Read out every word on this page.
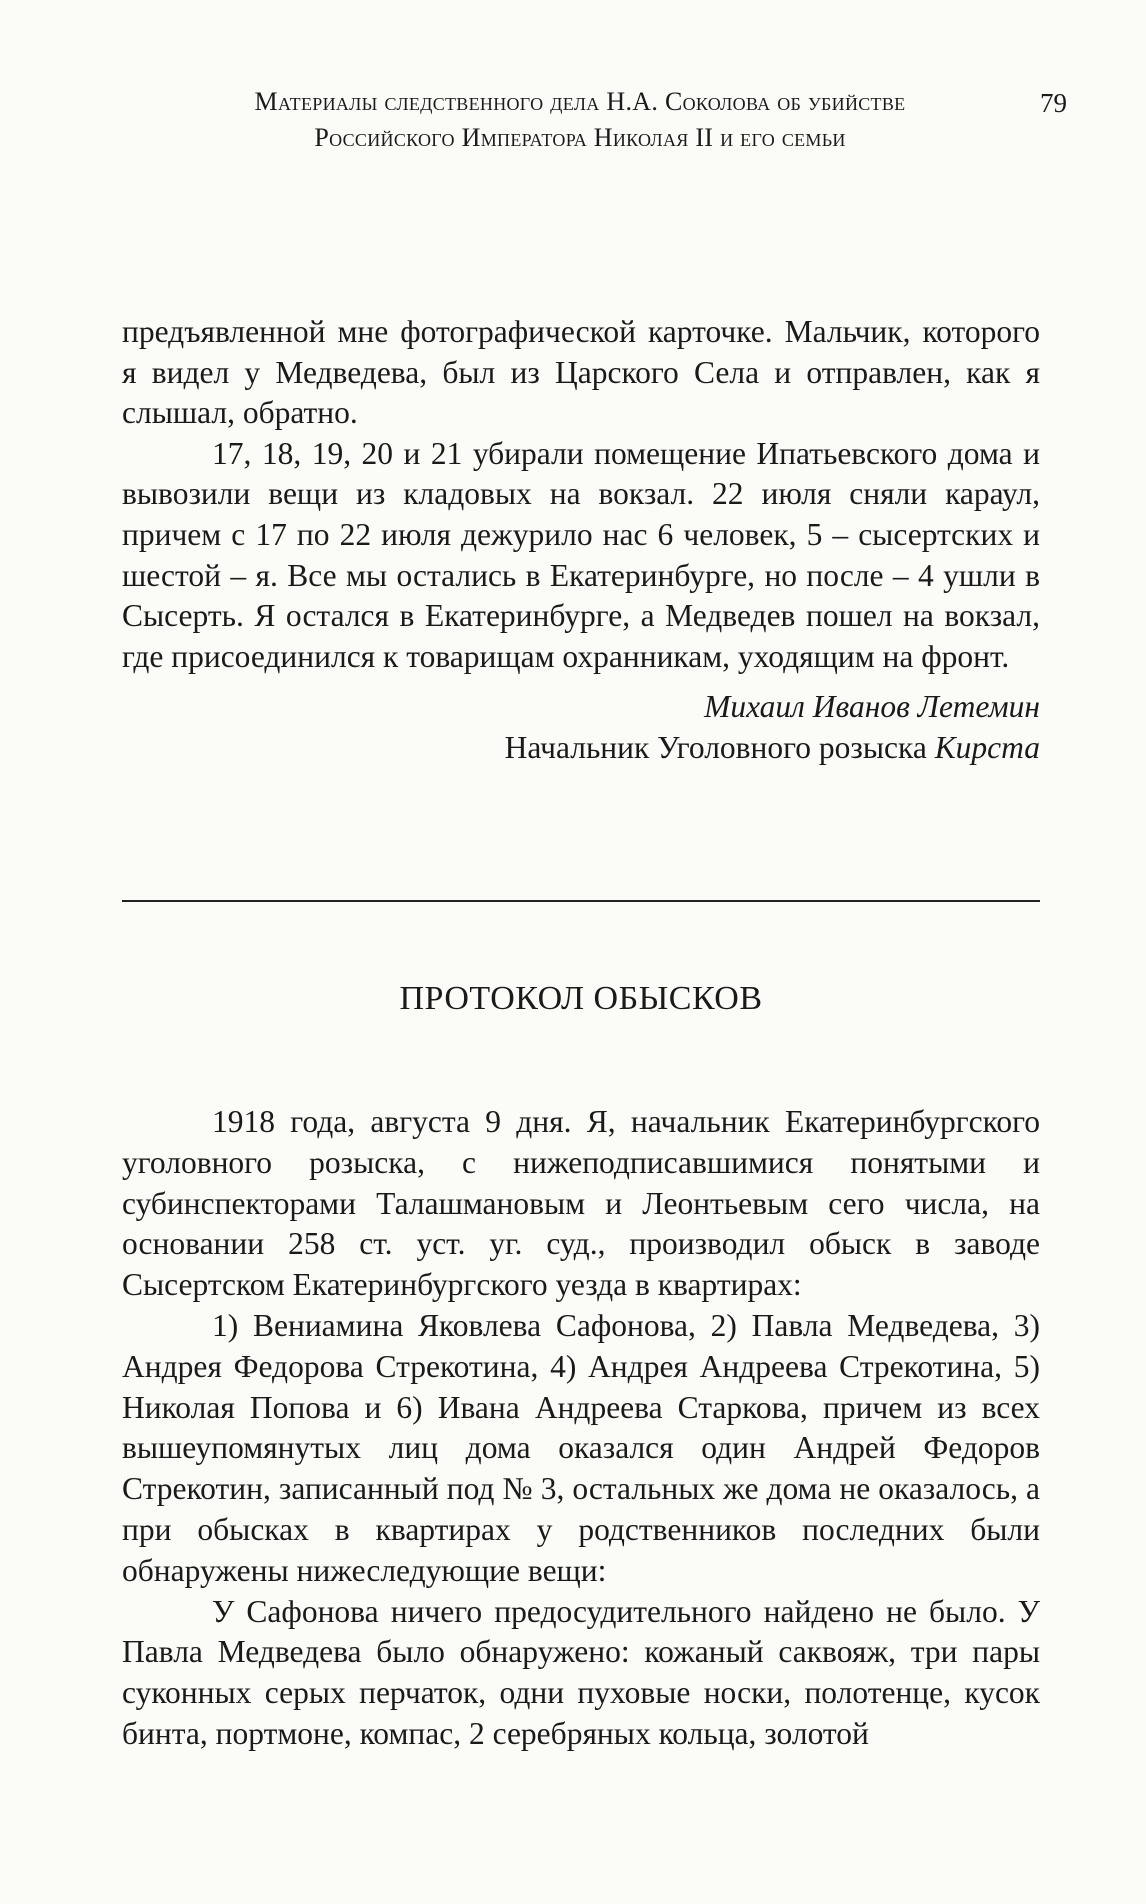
Материалы следственного дела Н.А. Соколова об убийстве
Российского Императора Николая II и его семьи
79

предъявленной мне фотографической карточке. Мальчик, которого я видел у Медведева, был из Царского Села и отправлен, как я слышал, обратно.

17, 18, 19, 20 и 21 убирали помещение Ипатьевского дома и вывозили вещи из кладовых на вокзал. 22 июля сняли караул, причем с 17 по 22 июля дежурило нас 6 человек, 5 – сысертских и шестой – я. Все мы остались в Екатеринбурге, но после – 4 ушли в Сысерть. Я остался в Екатеринбурге, а Медведев пошел на вокзал, где присоединился к товарищам охранникам, уходящим на фронт.

Михаил Иванов Летемин

Начальник Уголовного розыска Кирста

ПРОТОКОЛ ОБЫСКОВ

1918 года, августа 9 дня. Я, начальник Екатеринбургского уголовного розыска, с нижеподписавшимися понятыми и субинспекторами Талашмановым и Леонтьевым сего числа, на основании 258 ст. уст. уг. суд., производил обыск в заводе Сысертском Екатеринбургского уезда в квартирах:

1) Вениамина Яковлева Сафонова, 2) Павла Медведева, 3) Андрея Федорова Стрекотина, 4) Андрея Андреева Стрекотина, 5) Николая Попова и 6) Ивана Андреева Старкова, причем из всех вышеупомянутых лиц дома оказался один Андрей Федоров Стрекотин, записанный под № 3, остальных же дома не оказалось, а при обысках в квартирах у родственников последних были обнаружены нижеследующие вещи:

У Сафонова ничего предосудительного найдено не было. У Павла Медведева было обнаружено: кожаный саквояж, три пары суконных серых перчаток, одни пуховые носки, полотенце, кусок бинта, портмоне, компас, 2 серебряных кольца, золотой
